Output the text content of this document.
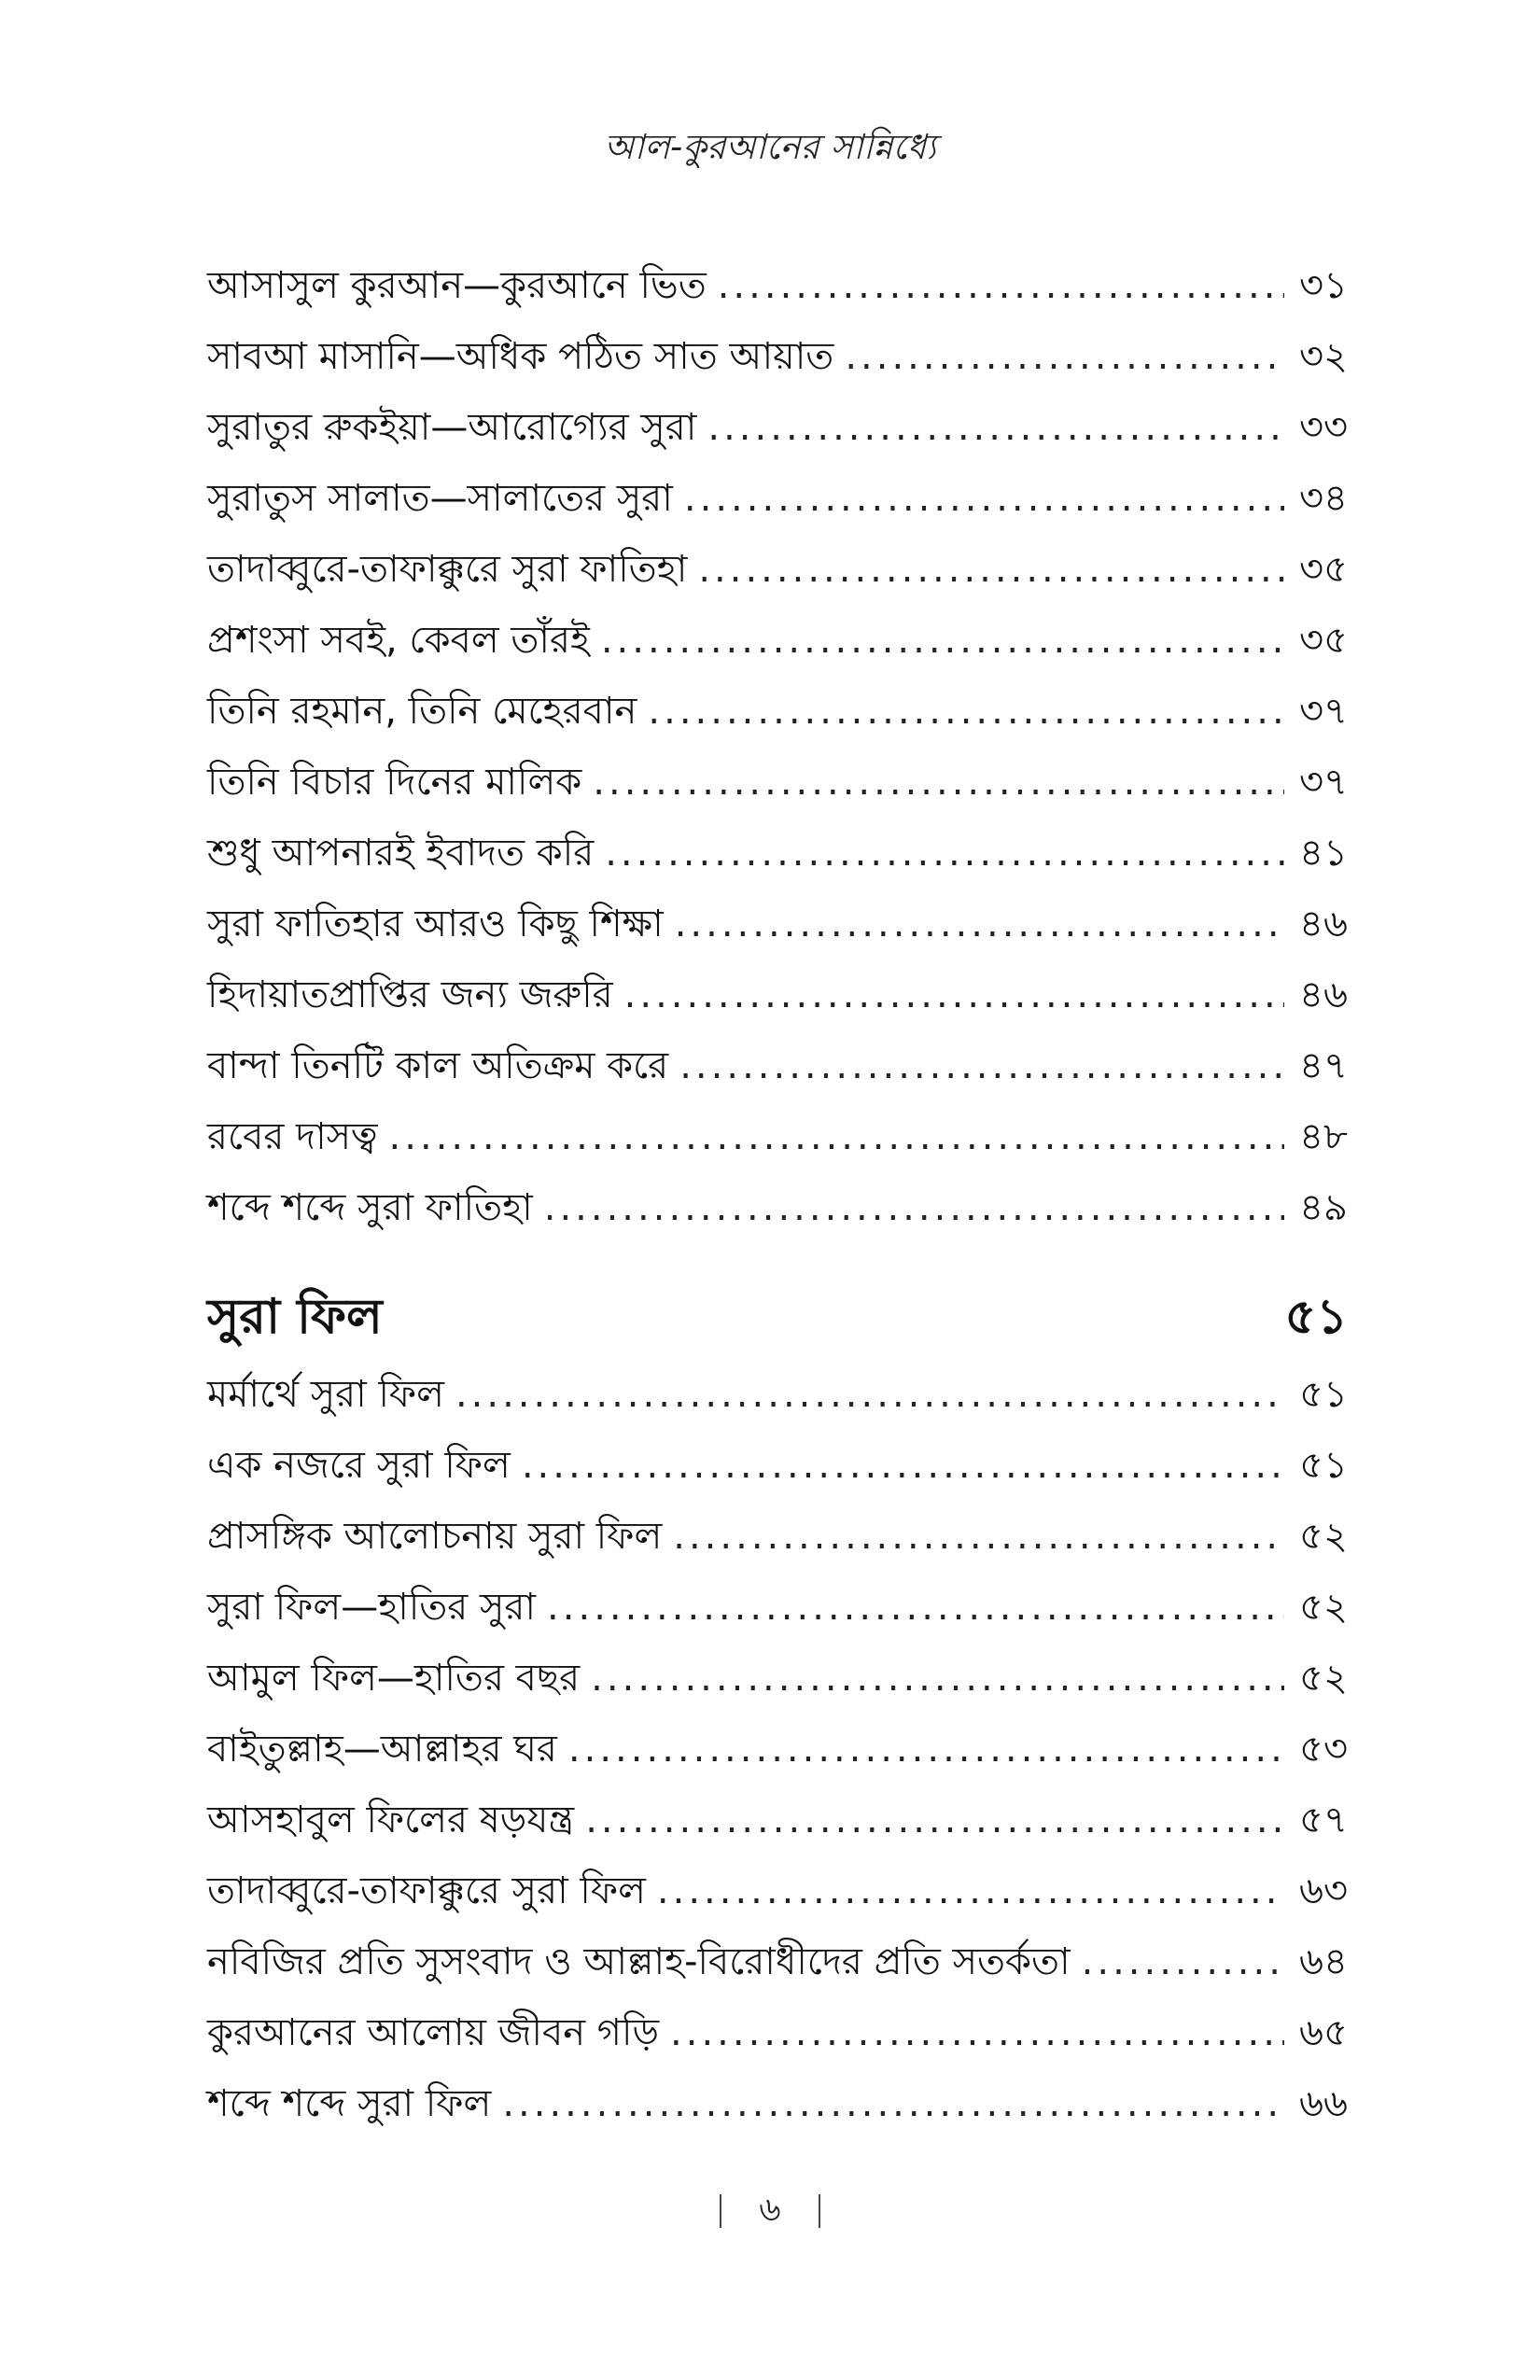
আল-কুরআনের সান্নিধ্যে
আসাসুল কুরআন—কুরআনে ভিত .....	৩১
সাবআ মাসানি—অধিক পঠিত সাত আয়াত .....	৩২
সুরাতুর রুকইয়া—আরোগ্যের সুরা .....	৩৩
সুরাতুস সালাত—সালাতের সুরা .....	৩৪
তাদাব্বুরে-তাফাক্কুরে সুরা ফাতিহা .....	৩৫
প্রশংসা সবই, কেবল তাঁরই .....	৩৫
তিনি রহমান, তিনি মেহেরবান .....	৩৭
তিনি বিচার দিনের মালিক .....	৩৭
শুধু আপনারই ইবাদত করি .....	৪১
সুরা ফাতিহার আরও কিছু শিক্ষা .....	৪৬
হিদায়াতপ্রাপ্তির জন্য জরুরি .....	৪৬
বান্দা তিনটি কাল অতিক্রম করে .....	৪৭
রবের দাসত্ব .....	৪৮
শব্দে শব্দে সুরা ফাতিহা .....	৪৯
সুরা ফিল	৫১
মর্মার্থে সুরা ফিল .....	৫১
এক নজরে সুরা ফিল .....	৫১
প্রাসঙ্গিক আলোচনায় সুরা ফিল .....	৫২
সুরা ফিল—হাতির সুরা .....	৫২
আমুল ফিল—হাতির বছর .....	৫২
বাইতুল্লাহ—আল্লাহর ঘর .....	৫৩
আসহাবুল ফিলের ষড়যন্ত্র .....	৫৭
তাদাব্বুরে-তাফাক্কুরে সুরা ফিল .....	৬৩
নবিজির প্রতি সুসংবাদ ও আল্লাহ-বিরোধীদের প্রতি সতর্কতা .....	৬৪
কুরআনের আলোয় জীবন গড়ি .....	৬৫
শব্দে শব্দে সুরা ফিল .....	৬৬
৬
